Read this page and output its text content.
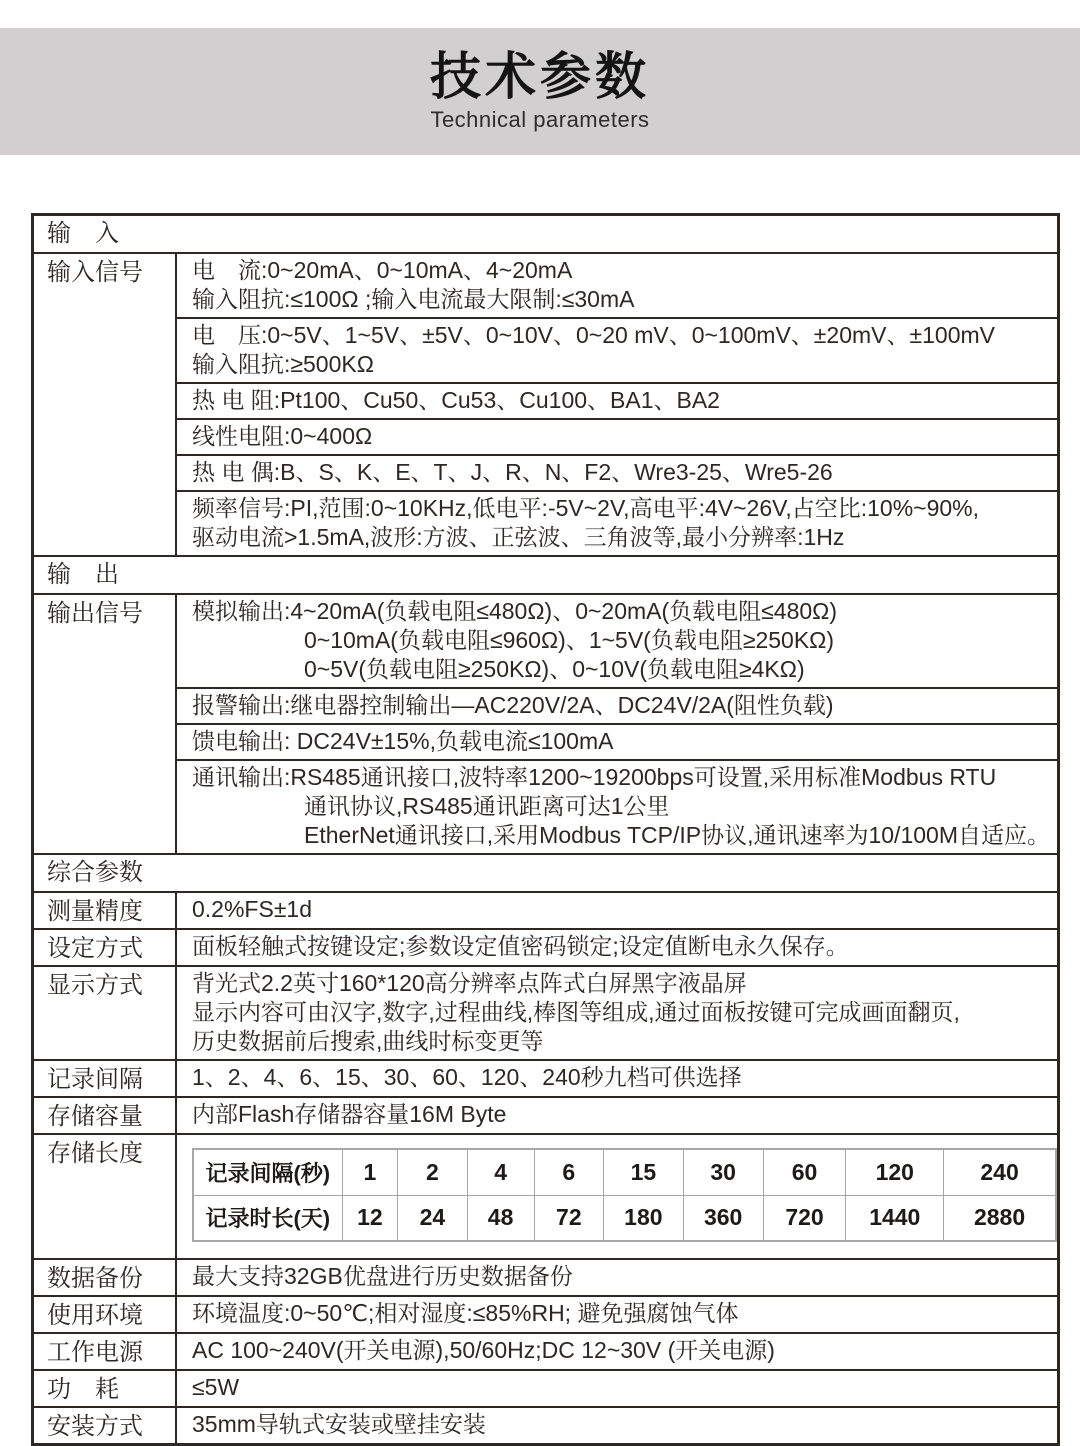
技术参数
Technical parameters
输　入
输入信号	电　流:0~20mA、0~10mA、4~20mA
输入阻抗:≤100Ω ;输入电流最大限制:≤30mA
电　压:0~5V、1~5V、±5V、0~10V、0~20 mV、0~100mV、±20mV、±100mV
输入阻抗:≥500KΩ
热 电 阻:Pt100、Cu50、Cu53、Cu100、BA1、BA2
线性电阻:0~400Ω
热 电 偶:B、S、K、E、T、J、R、N、F2、Wre3-25、Wre5-26
频率信号:PI,范围:0~10KHz,低电平:-5V~2V,高电平:4V~26V,占空比:10%~90%,
驱动电流>1.5mA,波形:方波、正弦波、三角波等,最小分辨率:1Hz
输　出
输出信号	模拟输出:4~20mA(负载电阻≤480Ω)、0~20mA(负载电阻≤480Ω)
0~10mA(负载电阻≤960Ω)、1~5V(负载电阻≥250KΩ)
0~5V(负载电阻≥250KΩ)、0~10V(负载电阻≥4KΩ)
报警输出:继电器控制输出—AC220V/2A、DC24V/2A(阻性负载)
馈电输出: DC24V±15%,负载电流≤100mA
通讯输出:RS485通讯接口,波特率1200~19200bps可设置,采用标准Modbus RTU
通讯协议,RS485通讯距离可达1公里
EtherNet通讯接口,采用Modbus TCP/IP协议,通讯速率为10/100M自适应。
综合参数
测量精度	0.2%FS±1d
设定方式	面板轻触式按键设定;参数设定值密码锁定;设定值断电永久保存。
显示方式	背光式2.2英寸160*120高分辨率点阵式白屏黑字液晶屏
显示内容可由汉字,数字,过程曲线,棒图等组成,通过面板按键可完成画面翻页,
历史数据前后搜索,曲线时标变更等
记录间隔	1、2、4、6、15、30、60、120、240秒九档可供选择
存储容量	内部Flash存储器容量16M Byte
存储长度
记录间隔(秒)	1	2	4	6	15	30	60	120	240
记录时长(天)	12	24	48	72	180	360	720	1440	2880
数据备份	最大支持32GB优盘进行历史数据备份
使用环境	环境温度:0~50℃;相对湿度:≤85%RH; 避免强腐蚀气体
工作电源	AC 100~240V(开关电源),50/60Hz;DC 12~30V (开关电源)
功　耗	≤5W
安装方式	35mm导轨式安装或壁挂安装
